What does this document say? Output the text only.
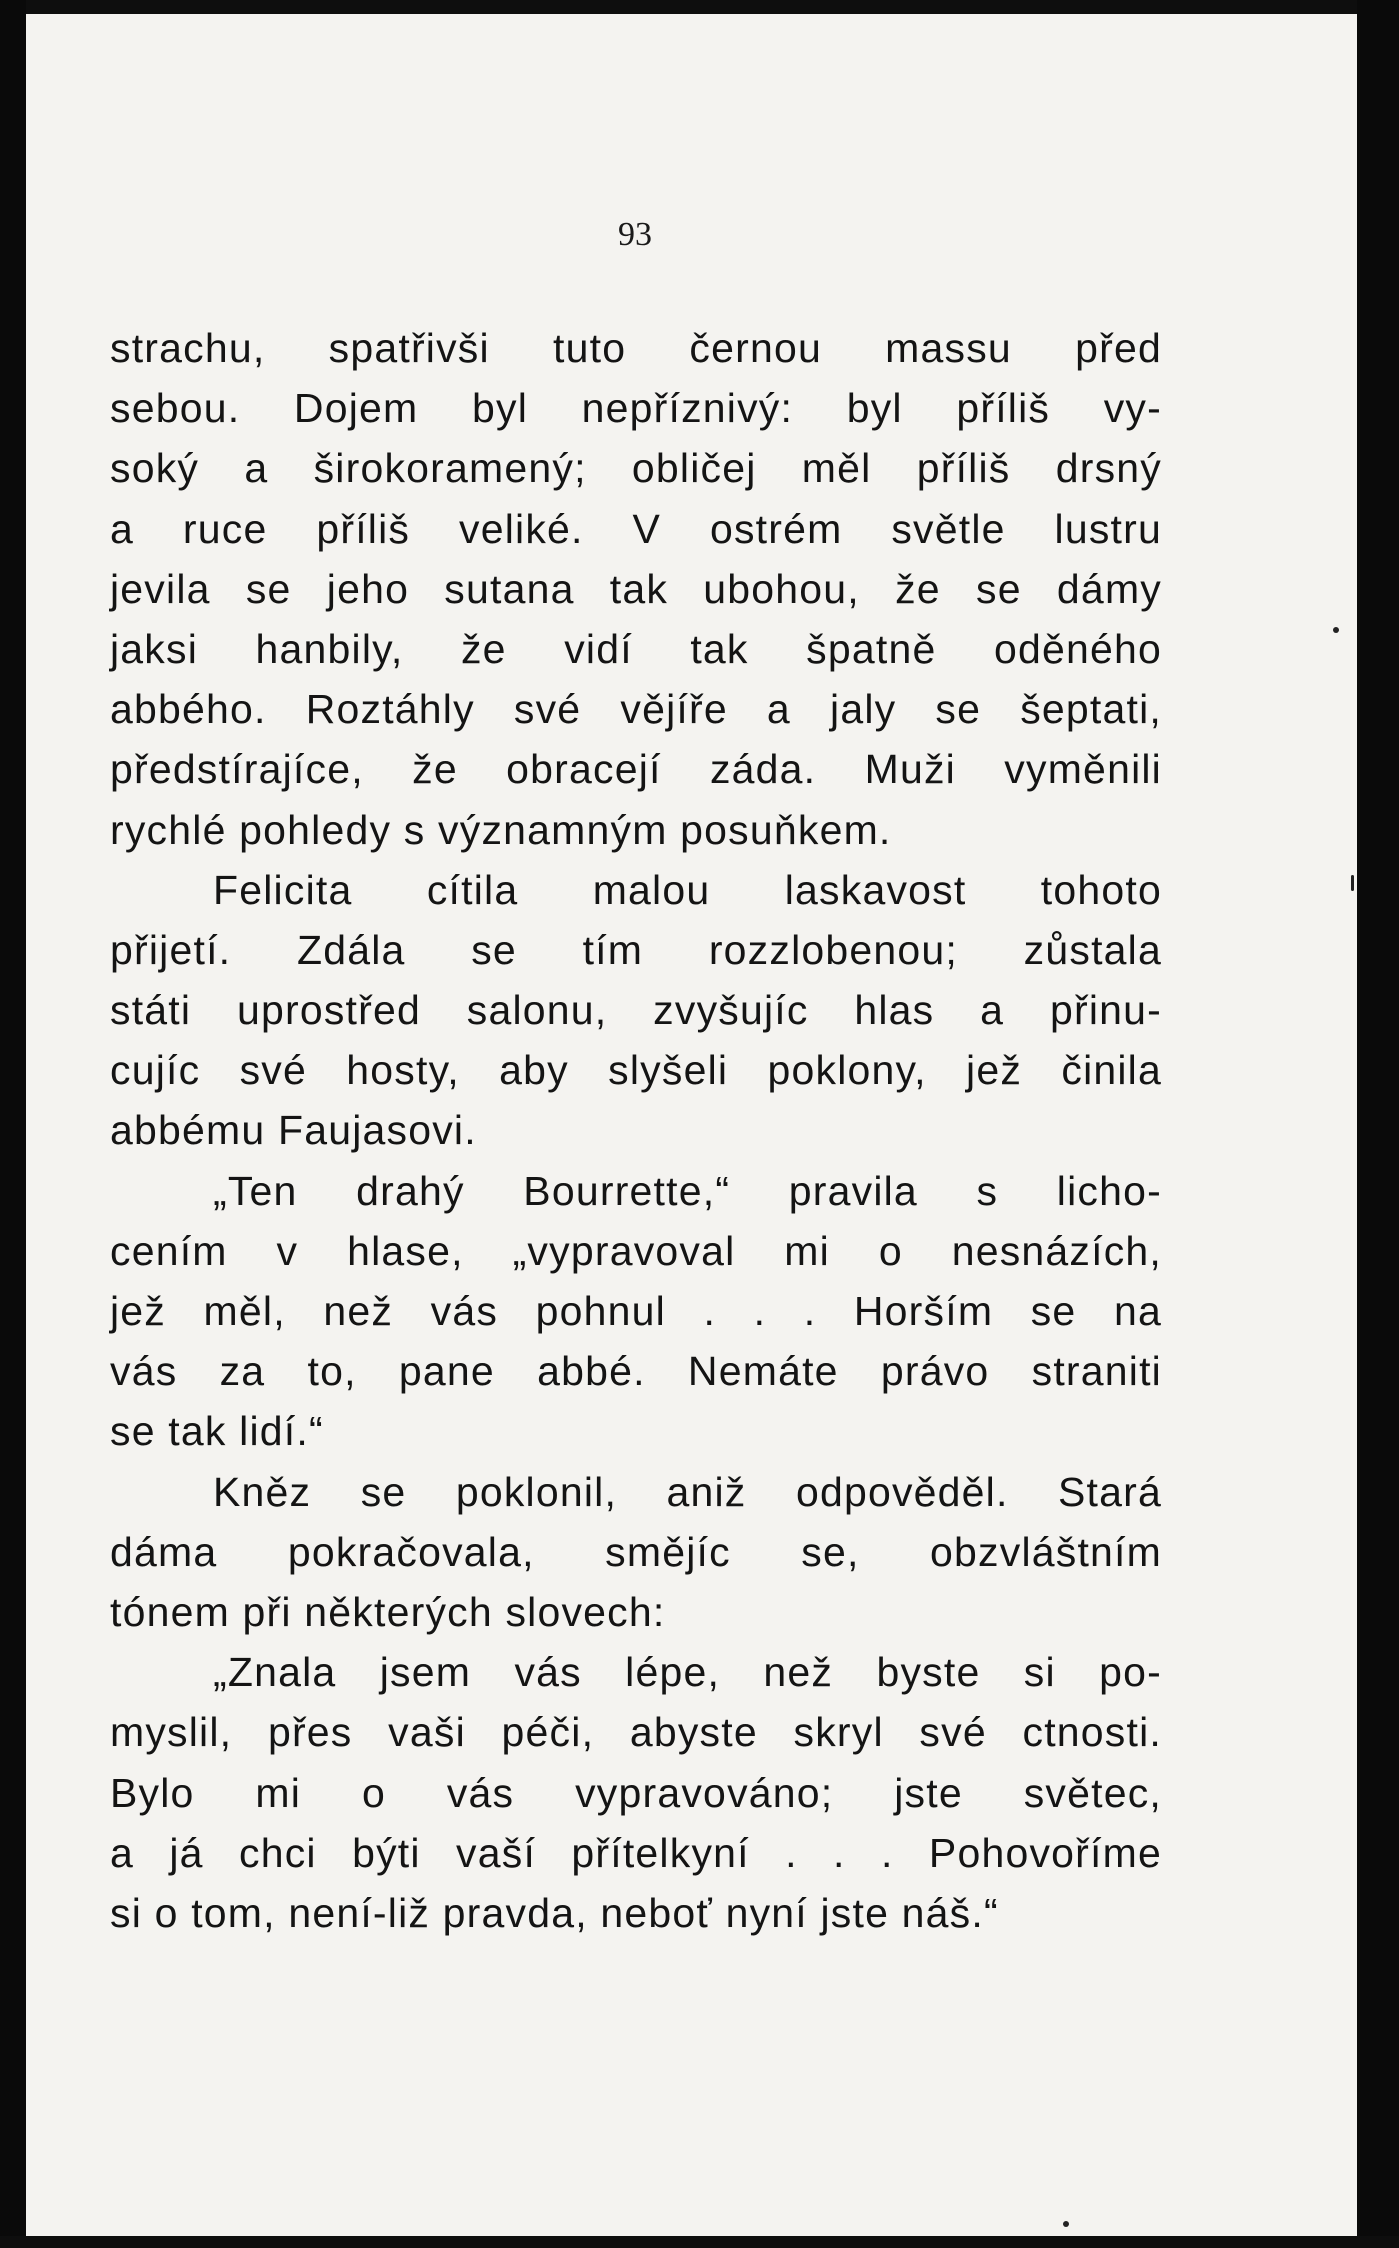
93
strachu, spatřivši tuto černou massu před
sebou. Dojem byl nepříznivý: byl příliš vy-
soký a širokoramený; obličej měl příliš drsný
a ruce příliš veliké. V ostrém světle lustru
jevila se jeho sutana tak ubohou, že se dámy
jaksi hanbily, že vidí tak špatně oděného
abbého. Roztáhly své vějíře a jaly se šeptati,
předstírajíce, že obracejí záda. Muži vyměnili
rychlé pohledy s významným posuňkem.
Felicita cítila malou laskavost tohoto
přijetí. Zdála se tím rozzlobenou; zůstala
státi uprostřed salonu, zvyšujíc hlas a přinu-
cujíc své hosty, aby slyšeli poklony, jež činila
abbému Faujasovi.
„Ten drahý Bourrette,“ pravila s licho-
cením v hlase, „vypravoval mi o nesnázích,
jež měl, než vás pohnul . . . Horším se na
vás za to, pane abbé. Nemáte právo straniti
se tak lidí.“
Kněz se poklonil, aniž odpověděl. Stará
dáma pokračovala, smějíc se, obzvláštním
tónem při některých slovech:
„Znala jsem vás lépe, než byste si po-
myslil, přes vaši péči, abyste skryl své ctnosti.
Bylo mi o vás vypravováno; jste světec,
a já chci býti vaší přítelkyní . . . Pohovoříme
si o tom, není-liž pravda, neboť nyní jste náš.“
